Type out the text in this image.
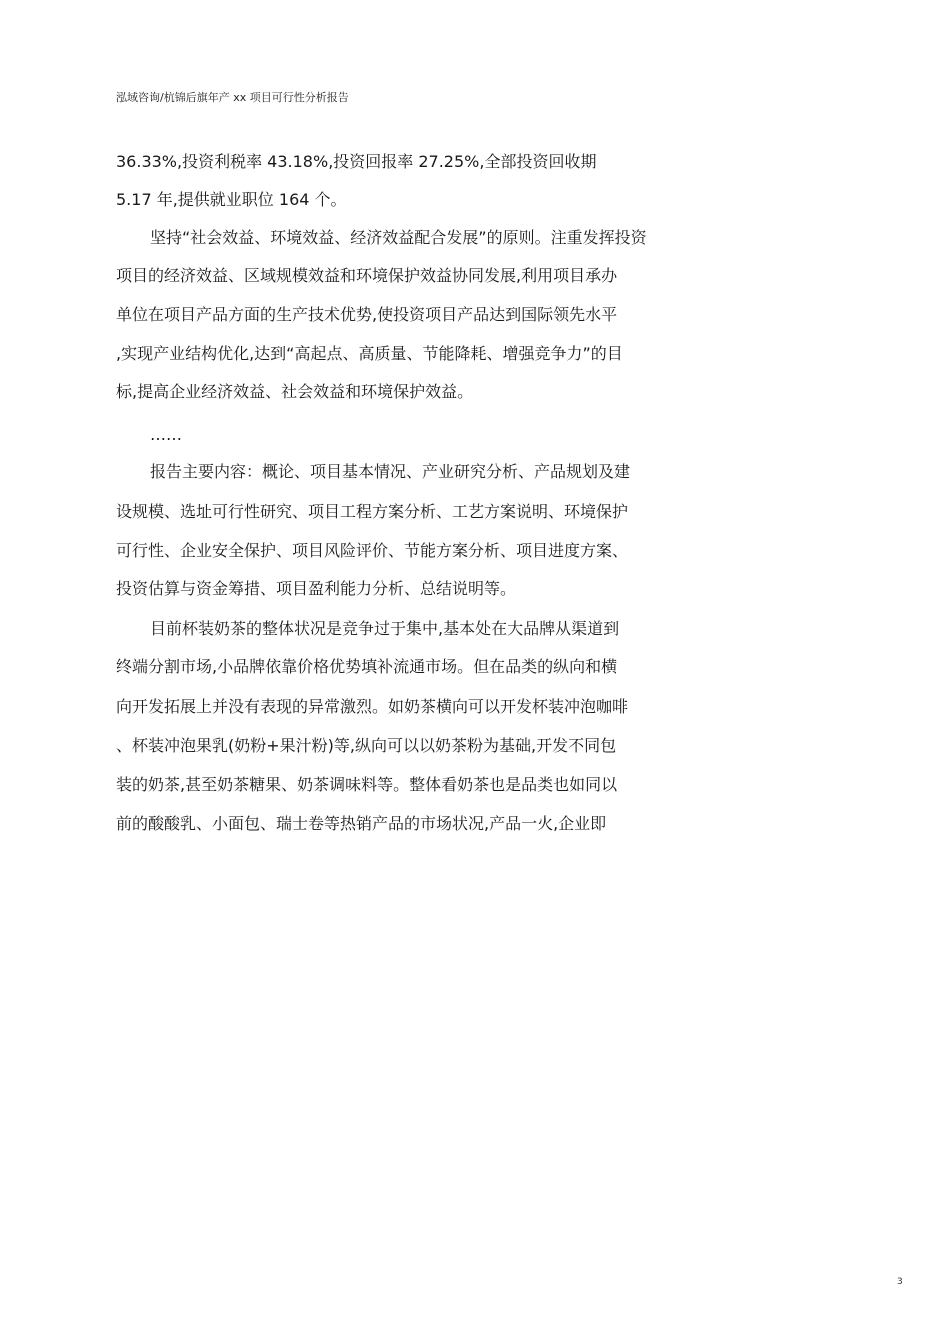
泓域咨询/杭锦后旗年产 xx 项目可行性分析报告
36.33%,投资利税率 43.18%,投资回报率 27.25%,全部投资回收期
5.17 年,提供就业职位 164 个。
坚持“社会效益、环境效益、经济效益配合发展”的原则。注重发挥投资
项目的经济效益、区域规模效益和环境保护效益协同发展,利用项目承办
单位在项目产品方面的生产技术优势,使投资项目产品达到国际领先水平
,实现产业结构优化,达到“高起点、高质量、节能降耗、增强竞争力”的目
标,提高企业经济效益、社会效益和环境保护效益。
……
报告主要内容：概论、项目基本情况、产业研究分析、产品规划及建
设规模、选址可行性研究、项目工程方案分析、工艺方案说明、环境保护
可行性、企业安全保护、项目风险评价、节能方案分析、项目进度方案、
投资估算与资金筹措、项目盈利能力分析、总结说明等。
目前杯装奶茶的整体状况是竞争过于集中,基本处在大品牌从渠道到
终端分割市场,小品牌依靠价格优势填补流通市场。但在品类的纵向和横
向开发拓展上并没有表现的异常激烈。如奶茶横向可以开发杯装冲泡咖啡
、杯装冲泡果乳(奶粉+果汁粉)等,纵向可以以奶茶粉为基础,开发不同包
装的奶茶,甚至奶茶糖果、奶茶调味料等。整体看奶茶也是品类也如同以
前的酸酸乳、小面包、瑞士卷等热销产品的市场状况,产品一火,企业即
3
